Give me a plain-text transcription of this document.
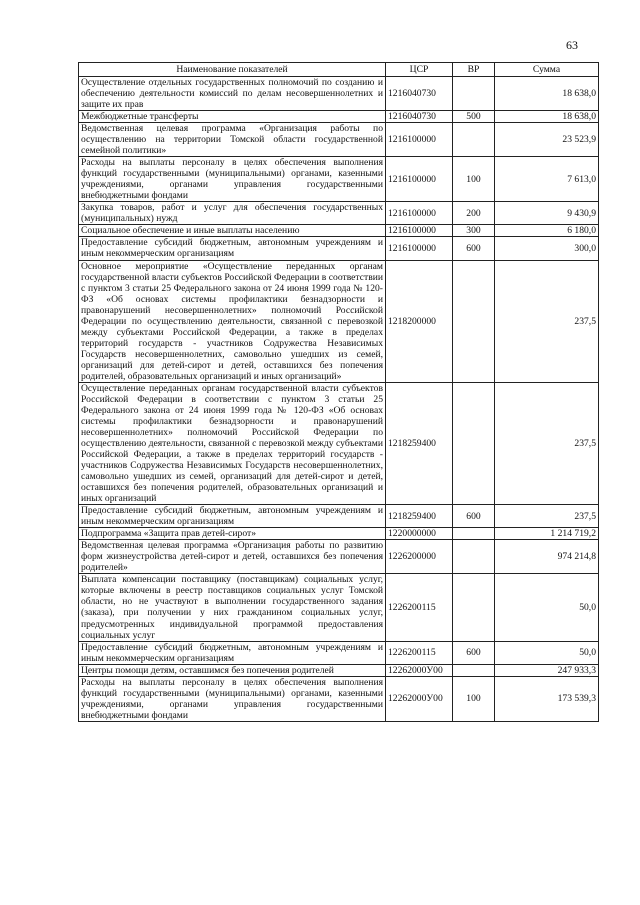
63
Наименование показателей	ЦСР	ВР	Сумма
Осуществление отдельных государственных полномочий по созданию и обеспечению деятельности комиссий по делам несовершеннолетних и защите их прав	1216040730		18 638,0
Межбюджетные трансферты	1216040730	500	18 638,0
Ведомственная целевая программа «Организация работы по осуществлению на территории Томской области государственной семейной политики»	1216100000		23 523,9
Расходы на выплаты персоналу в целях обеспечения выполнения функций государственными (муниципальными) органами, казенными учреждениями, органами управления государственными внебюджетными фондами	1216100000	100	7 613,0
Закупка товаров, работ и услуг для обеспечения государственных (муниципальных) нужд	1216100000	200	9 430,9
Социальное обеспечение и иные выплаты населению	1216100000	300	6 180,0
Предоставление субсидий бюджетным, автономным учреждениям и иным некоммерческим организациям	1216100000	600	300,0
Основное мероприятие «Осуществление переданных органам государственной власти субъектов Российской Федерации в соответствии с пунктом 3 статьи 25 Федерального закона от 24 июня 1999 года № 120-ФЗ «Об основах системы профилактики безнадзорности и правонарушений несовершеннолетних» полномочий Российской Федерации по осуществлению деятельности, связанной с перевозкой между субъектами Российской Федерации, а также в пределах территорий государств - участников Содружества Независимых Государств несовершеннолетних, самовольно ушедших из семей, организаций для детей-сирот и детей, оставшихся без попечения родителей, образовательных организаций и иных организаций»	1218200000		237,5
Осуществление переданных органам государственной власти субъектов Российской Федерации в соответствии с пунктом 3 статьи 25 Федерального закона от 24 июня 1999 года № 120-ФЗ «Об основах системы профилактики безнадзорности и правонарушений несовершеннолетних» полномочий Российской Федерации по осуществлению деятельности, связанной с перевозкой между субъектами Российской Федерации, а также в пределах территорий государств - участников Содружества Независимых Государств несовершеннолетних, самовольно ушедших из семей, организаций для детей-сирот и детей, оставшихся без попечения родителей, образовательных организаций и иных организаций	1218259400		237,5
Предоставление субсидий бюджетным, автономным учреждениям и иным некоммерческим организациям	1218259400	600	237,5
Подпрограмма «Защита прав детей-сирот»	1220000000		1 214 719,2
Ведомственная целевая программа «Организация работы по развитию форм жизнеустройства детей-сирот и детей, оставшихся без попечения родителей»	1226200000		974 214,8
Выплата компенсации поставщику (поставщикам) социальных услуг, которые включены в реестр поставщиков социальных услуг Томской области, но не участвуют в выполнении государственного задания (заказа), при получении у них гражданином социальных услуг, предусмотренных индивидуальной программой предоставления социальных услуг	1226200115		50,0
Предоставление субсидий бюджетным, автономным учреждениям и иным некоммерческим организациям	1226200115	600	50,0
Центры помощи детям, оставшимся без попечения родителей	12262000У00		247 933,3
Расходы на выплаты персоналу в целях обеспечения выполнения функций государственными (муниципальными) органами, казенными учреждениями, органами управления государственными внебюджетными фондами	12262000У00	100	173 539,3
